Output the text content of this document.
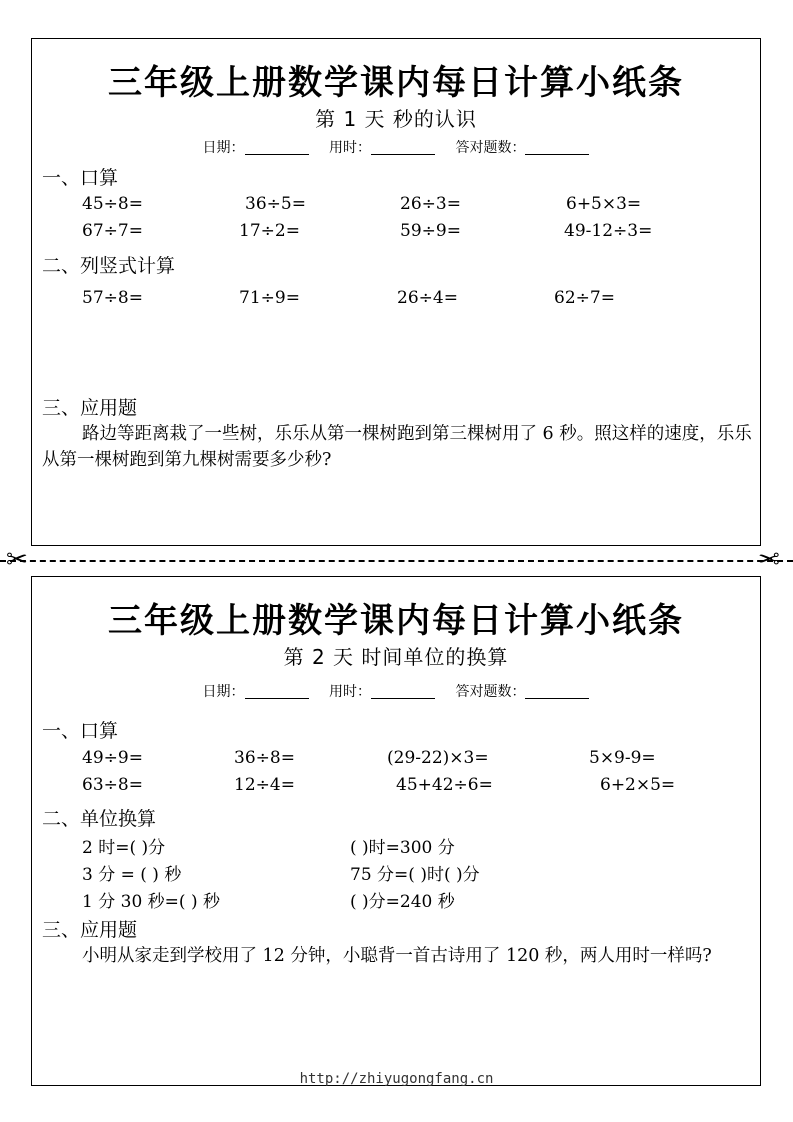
三年级上册数学课内每日计算小纸条
第 1 天 秒的认识
日期：	用时：	答对题数：
一、口算
45÷8=	36÷5=	26÷3=	6+5×3=
67÷7=	17÷2=	59÷9=	49-12÷3=
二、列竖式计算
57÷8=	71÷9=	26÷4=	62÷7=
三、应用题
路边等距离栽了一些树，乐乐从第一棵树跑到第三棵树用了 6 秒。照这样的速度，乐乐从第一棵树跑到第九棵树需要多少秒?
✂	✂
三年级上册数学课内每日计算小纸条
第 2 天 时间单位的换算
日期：	用时：	答对题数：
一、口算
49÷9=	36÷8=	(29-22)×3=	5×9-9=
63÷8=	12÷4=	45+42÷6=	6+2×5=
二、单位换算
2 时=( )分	( )时=300 分
3 分 = ( ) 秒	75 分=( )时( )分
1 分 30 秒=( ) 秒	( )分=240 秒
三、应用题
小明从家走到学校用了 12 分钟，小聪背一首古诗用了 120 秒，两人用时一样吗?
http://zhiyugongfang.cn
